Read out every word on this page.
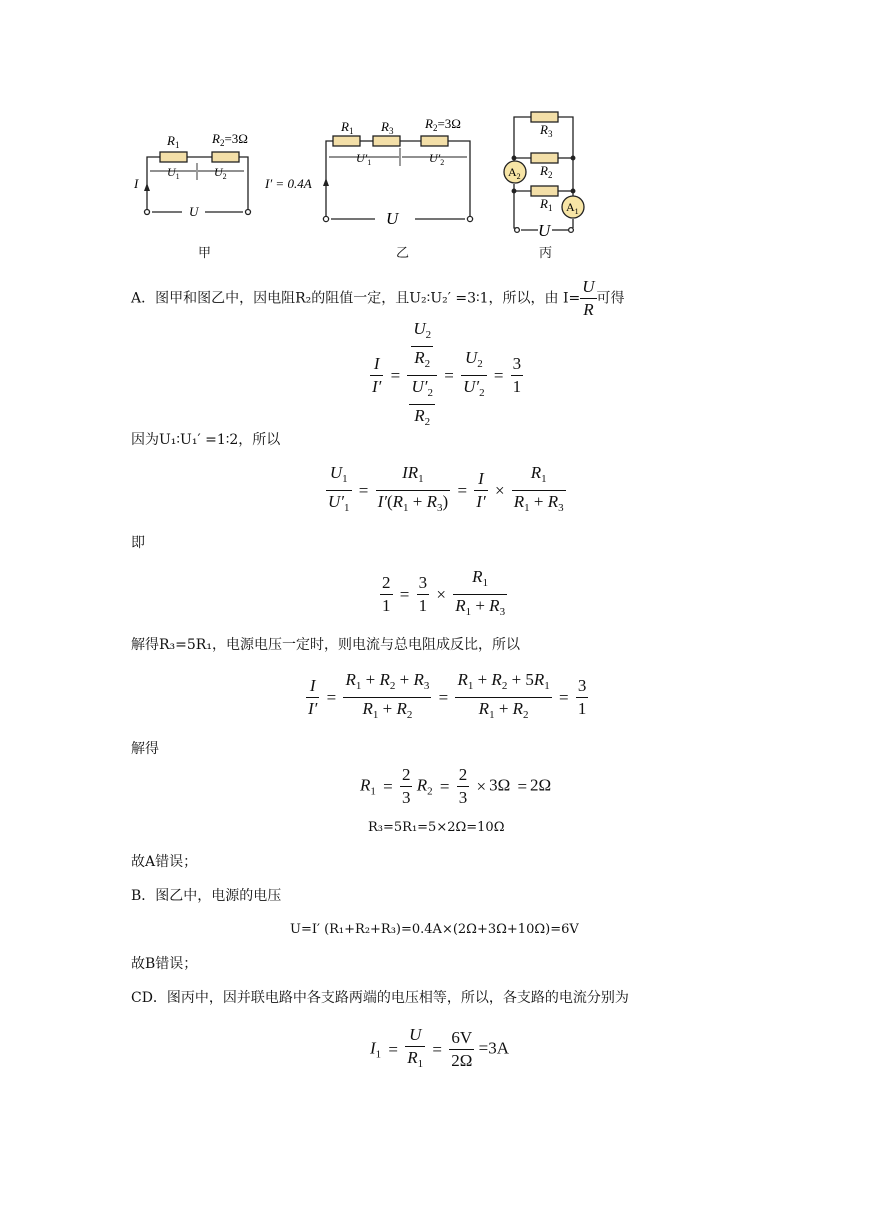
$R_1$	$R_2=3\Omega$
$U_1$	$U_2$
I
U
$R_1$ $R_3$ $R_2=3\Omega$
$U'_1$	$U'_2$
I′ = 0.4A
U
$R_3$
$R_2$
$R_1$
$A_2$
$A_1$
U
甲	乙	丙
A．图甲和图乙中，因电阻R₂的阻值一定，且U₂∶U₂′ =3∶1，所以，由 $I= \frac{U}{R}$ 可得
$\frac{I}{I'} = \frac{\frac{U_2}{R_2}}{\frac{U'_2}{R_2}} = \frac{U_2}{U'_2} = \frac{3}{1}$
因为U₁∶U₁′ =1∶2，所以
$\frac{U_1}{U'_1} = \frac{IR_1}{I'(R_1 + R_3)} = \frac{I}{I'} \times \frac{R_1}{R_1 + R_3}$
即
$\frac{2}{1} = \frac{3}{1} \times \frac{R_1}{R_1 + R_3}$
解得R₃=5R₁，电源电压一定时，则电流与总电阻成反比，所以
$\frac{I}{I'} = \frac{R_1 + R_2 + R_3}{R_1 + R_2} = \frac{R_1 + R_2 + 5R_1}{R_1 + R_2} = \frac{3}{1}$
解得
$R_1 = \frac{2}{3} R_2 = \frac{2}{3} \times 3\Omega = 2\Omega$
R₃=5R₁=5×2Ω=10Ω
故A错误；
B．图乙中，电源的电压
U=I′ (R₁+R₂+R₃)=0.4A×(2Ω+3Ω+10Ω)=6V
故B错误；
CD．图丙中，因并联电路中各支路两端的电压相等，所以，各支路的电流分别为
$I_1 = \frac{U}{R_1} = \frac{6V}{2\Omega} =3A$
